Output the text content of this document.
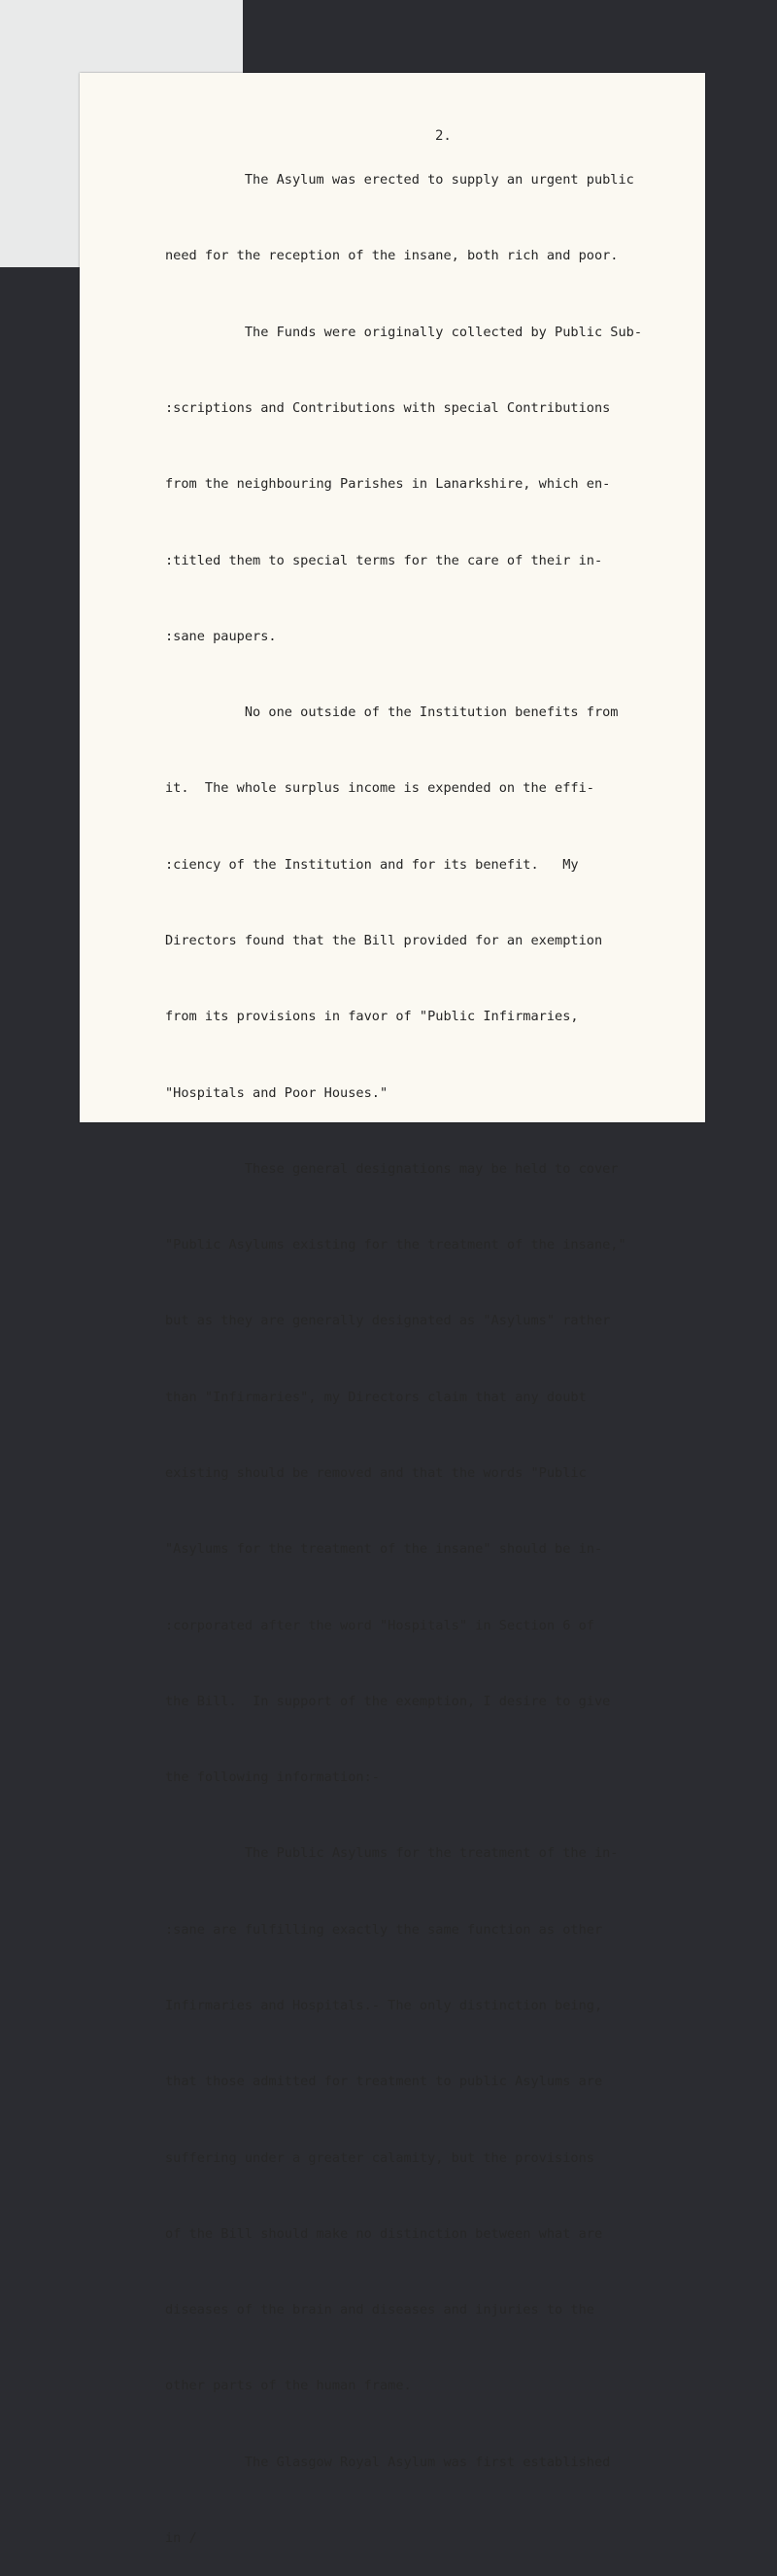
2.

The Asylum was erected to supply an urgent public

need for the reception of the insane, both rich and poor.

The Funds were originally collected by Public Sub-

:scriptions and Contributions with special Contributions

from the neighbouring Parishes in Lanarkshire, which en-

:titled them to special terms for the care of their in-

:sane paupers.

No one outside of the Institution benefits from

it.  The whole surplus income is expended on the effi-

:ciency of the Institution and for its benefit.   My

Directors found that the Bill provided for an exemption

from its provisions in favor of "Public Infirmaries,

"Hospitals and Poor Houses."

These general designations may be held to cover

"Public Asylums existing for the treatment of the insane,"

but as they are generally designated as "Asylums" rather

than "Infirmaries", my Directors claim that any doubt

existing should be removed and that the words "Public

"Asylums for the treatment of the insane" should be in-

:corporated after the word "Hospitals" in Section 6 of

the Bill.  In support of the exemption, I desire to give

the following information:-

The Public Asylums for the treatment of the in-

:sane are fulfilling exactly the same function as other

Infirmaries and Hospitals.- The only distinction being,

that those admitted for treatment to public Asylums are

suffering under a greater calamity, but the provisions

of the Bill should make no distinction between what are

diseases of the brain and diseases and injuries to the

other parts of the human frame.

The Glasgow Royal Asylum was first established

in /
